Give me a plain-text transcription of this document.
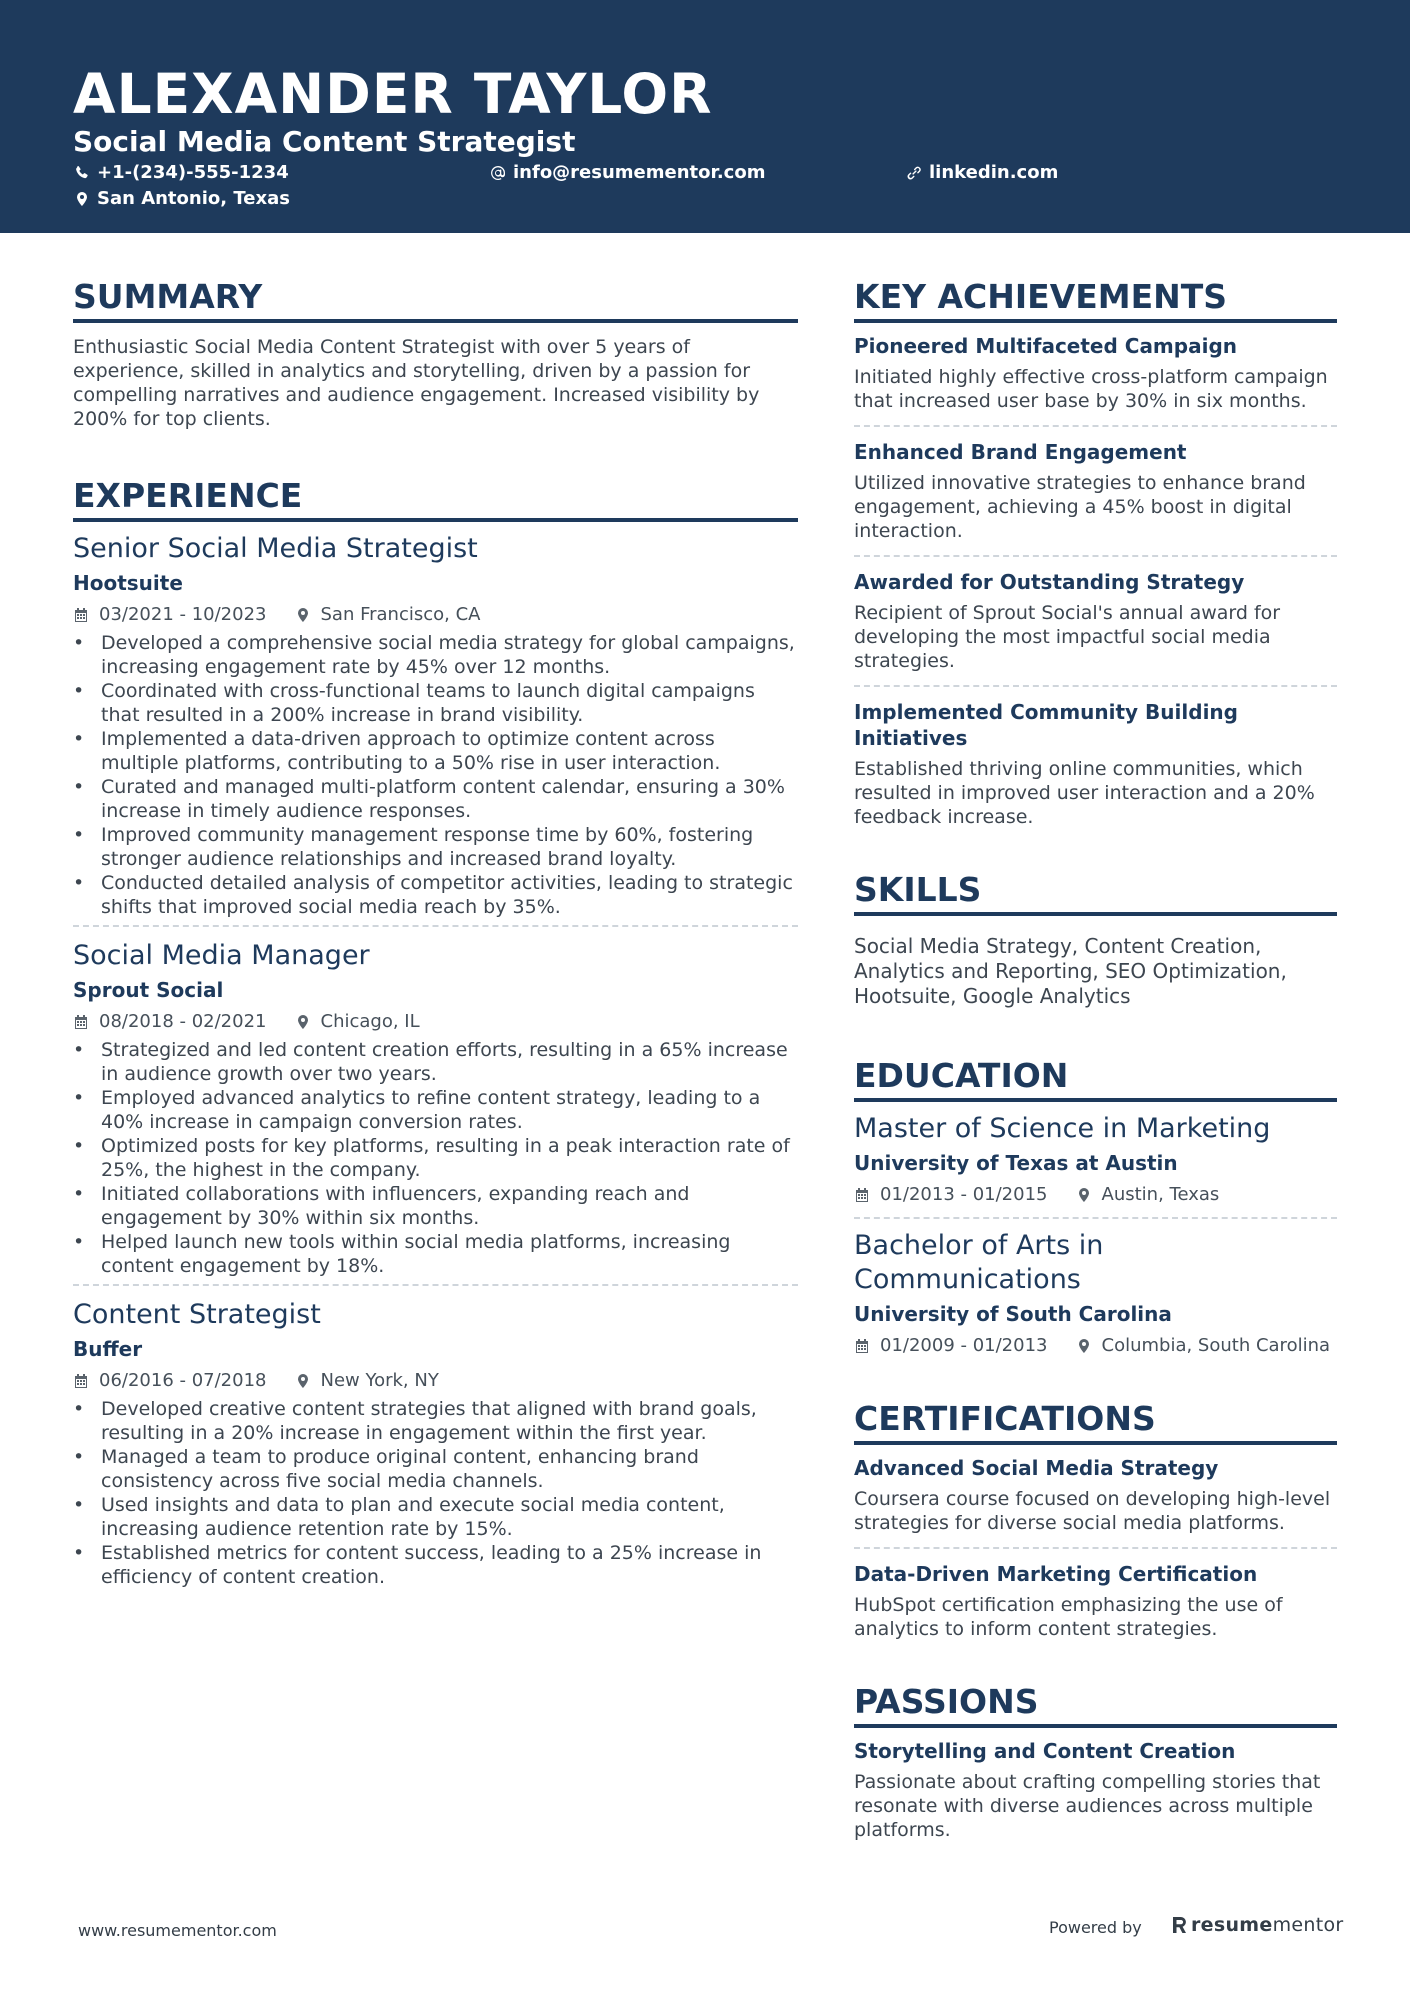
ALEXANDER TAYLOR
Social Media Content Strategist
+1-(234)-555-1234	info@resumementor.com	linkedin.com
San Antonio, Texas
SUMMARY
Enthusiastic Social Media Content Strategist with over 5 years of experience, skilled in analytics and storytelling, driven by a passion for compelling narratives and audience engagement. Increased visibility by 200% for top clients.
EXPERIENCE
Senior Social Media Strategist
Hootsuite
03/2021 - 10/2023	San Francisco, CA
• Developed a comprehensive social media strategy for global campaigns, increasing engagement rate by 45% over 12 months.
• Coordinated with cross-functional teams to launch digital campaigns that resulted in a 200% increase in brand visibility.
• Implemented a data-driven approach to optimize content across multiple platforms, contributing to a 50% rise in user interaction.
• Curated and managed multi-platform content calendar, ensuring a 30% increase in timely audience responses.
• Improved community management response time by 60%, fostering stronger audience relationships and increased brand loyalty.
• Conducted detailed analysis of competitor activities, leading to strategic shifts that improved social media reach by 35%.
Social Media Manager
Sprout Social
08/2018 - 02/2021	Chicago, IL
• Strategized and led content creation efforts, resulting in a 65% increase in audience growth over two years.
• Employed advanced analytics to refine content strategy, leading to a 40% increase in campaign conversion rates.
• Optimized posts for key platforms, resulting in a peak interaction rate of 25%, the highest in the company.
• Initiated collaborations with influencers, expanding reach and engagement by 30% within six months.
• Helped launch new tools within social media platforms, increasing content engagement by 18%.
Content Strategist
Buffer
06/2016 - 07/2018	New York, NY
• Developed creative content strategies that aligned with brand goals, resulting in a 20% increase in engagement within the first year.
• Managed a team to produce original content, enhancing brand consistency across five social media channels.
• Used insights and data to plan and execute social media content, increasing audience retention rate by 15%.
• Established metrics for content success, leading to a 25% increase in efficiency of content creation.
KEY ACHIEVEMENTS
Pioneered Multifaceted Campaign
Initiated highly effective cross-platform campaign that increased user base by 30% in six months.
Enhanced Brand Engagement
Utilized innovative strategies to enhance brand engagement, achieving a 45% boost in digital interaction.
Awarded for Outstanding Strategy
Recipient of Sprout Social's annual award for developing the most impactful social media strategies.
Implemented Community Building Initiatives
Established thriving online communities, which resulted in improved user interaction and a 20% feedback increase.
SKILLS
Social Media Strategy, Content Creation, Analytics and Reporting, SEO Optimization, Hootsuite, Google Analytics
EDUCATION
Master of Science in Marketing
University of Texas at Austin
01/2013 - 01/2015	Austin, Texas
Bachelor of Arts in Communications
University of South Carolina
01/2009 - 01/2013	Columbia, South Carolina
CERTIFICATIONS
Advanced Social Media Strategy
Coursera course focused on developing high-level strategies for diverse social media platforms.
Data-Driven Marketing Certification
HubSpot certification emphasizing the use of analytics to inform content strategies.
PASSIONS
Storytelling and Content Creation
Passionate about crafting compelling stories that resonate with diverse audiences across multiple platforms.
www.resumementor.com	Powered by	resume mentor
